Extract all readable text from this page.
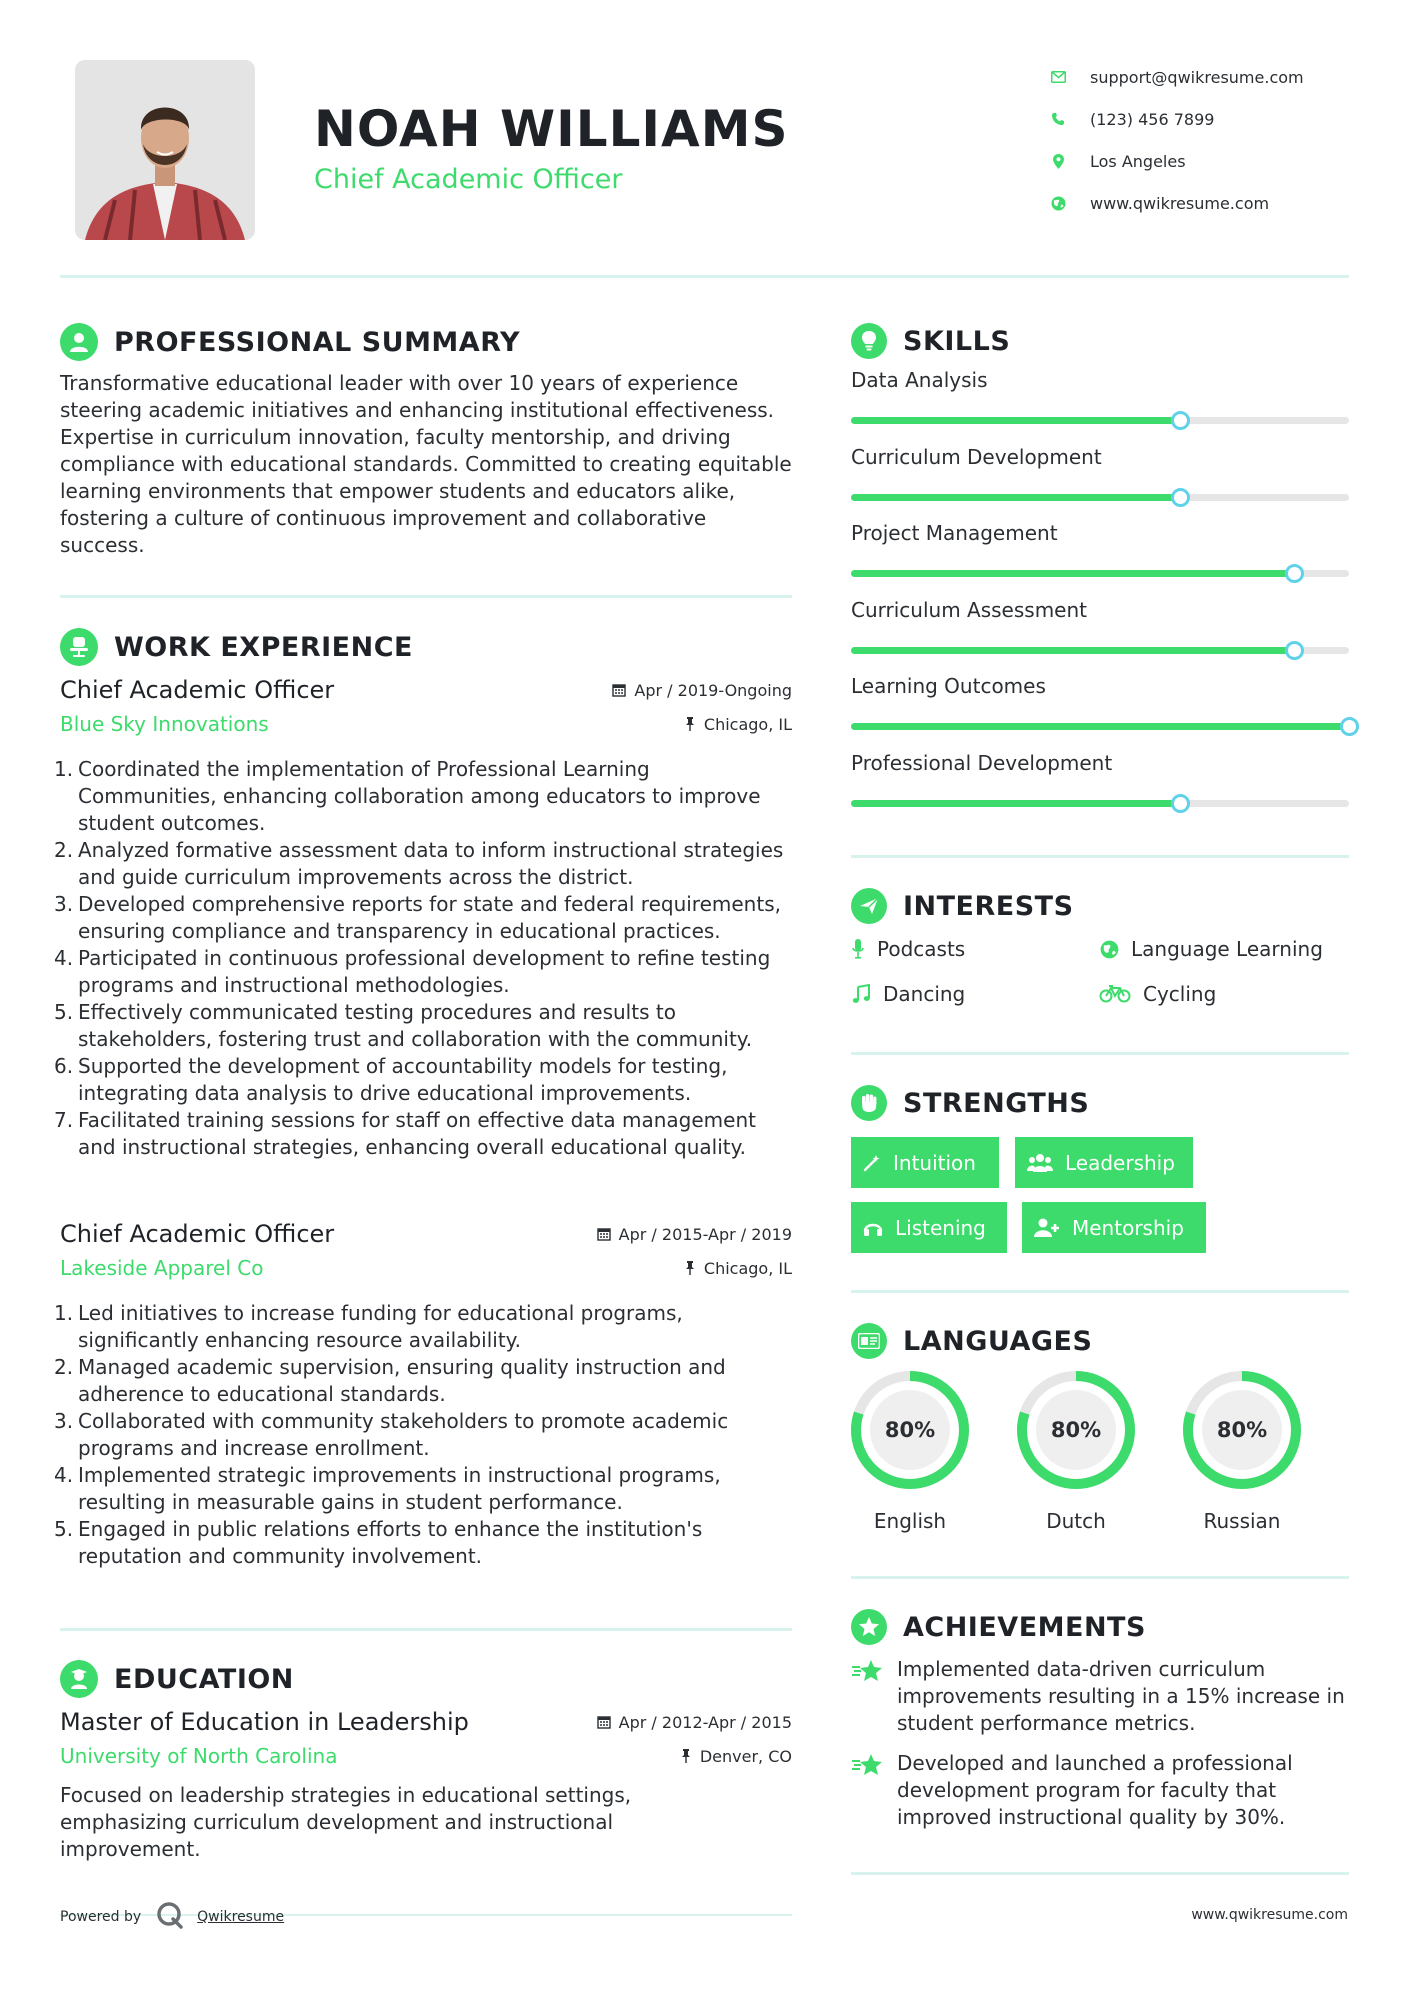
NOAH WILLIAMS
Chief Academic Officer
support@qwikresume.com
(123) 456 7899
Los Angeles
www.qwikresume.com
PROFESSIONAL SUMMARY
Transformative educational leader with over 10 years of experience steering academic initiatives and enhancing institutional effectiveness. Expertise in curriculum innovation, faculty mentorship, and driving compliance with educational standards. Committed to creating equitable learning environments that empower students and educators alike, fostering a culture of continuous improvement and collaborative success.
WORK EXPERIENCE
Chief Academic Officer	Apr / 2019-Ongoing
Blue Sky Innovations	Chicago, IL
Coordinated the implementation of Professional Learning Communities, enhancing collaboration among educators to improve student outcomes.
Analyzed formative assessment data to inform instructional strategies and guide curriculum improvements across the district.
Developed comprehensive reports for state and federal requirements, ensuring compliance and transparency in educational practices.
Participated in continuous professional development to refine testing programs and instructional methodologies.
Effectively communicated testing procedures and results to stakeholders, fostering trust and collaboration with the community.
Supported the development of accountability models for testing, integrating data analysis to drive educational improvements.
Facilitated training sessions for staff on effective data management and instructional strategies, enhancing overall educational quality.
Chief Academic Officer	Apr / 2015-Apr / 2019
Lakeside Apparel Co	Chicago, IL
Led initiatives to increase funding for educational programs, significantly enhancing resource availability.
Managed academic supervision, ensuring quality instruction and adherence to educational standards.
Collaborated with community stakeholders to promote academic programs and increase enrollment.
Implemented strategic improvements in instructional programs, resulting in measurable gains in student performance.
Engaged in public relations efforts to enhance the institution's reputation and community involvement.
EDUCATION
Master of Education in Leadership	Apr / 2012-Apr / 2015
University of North Carolina	Denver, CO
Focused on leadership strategies in educational settings, emphasizing curriculum development and instructional improvement.
SKILLS
Data Analysis
Curriculum Development
Project Management
Curriculum Assessment
Learning Outcomes
Professional Development
INTERESTS
Podcasts	Language Learning
Dancing	Cycling
STRENGTHS
Intuition	Leadership
Listening	Mentorship
LANGUAGES
80%
English
80%
Dutch
80%
Russian
ACHIEVEMENTS
Implemented data-driven curriculum improvements resulting in a 15% increase in student performance metrics.
Developed and launched a professional development program for faculty that improved instructional quality by 30%.
Powered by	Qwikresume	www.qwikresume.com
